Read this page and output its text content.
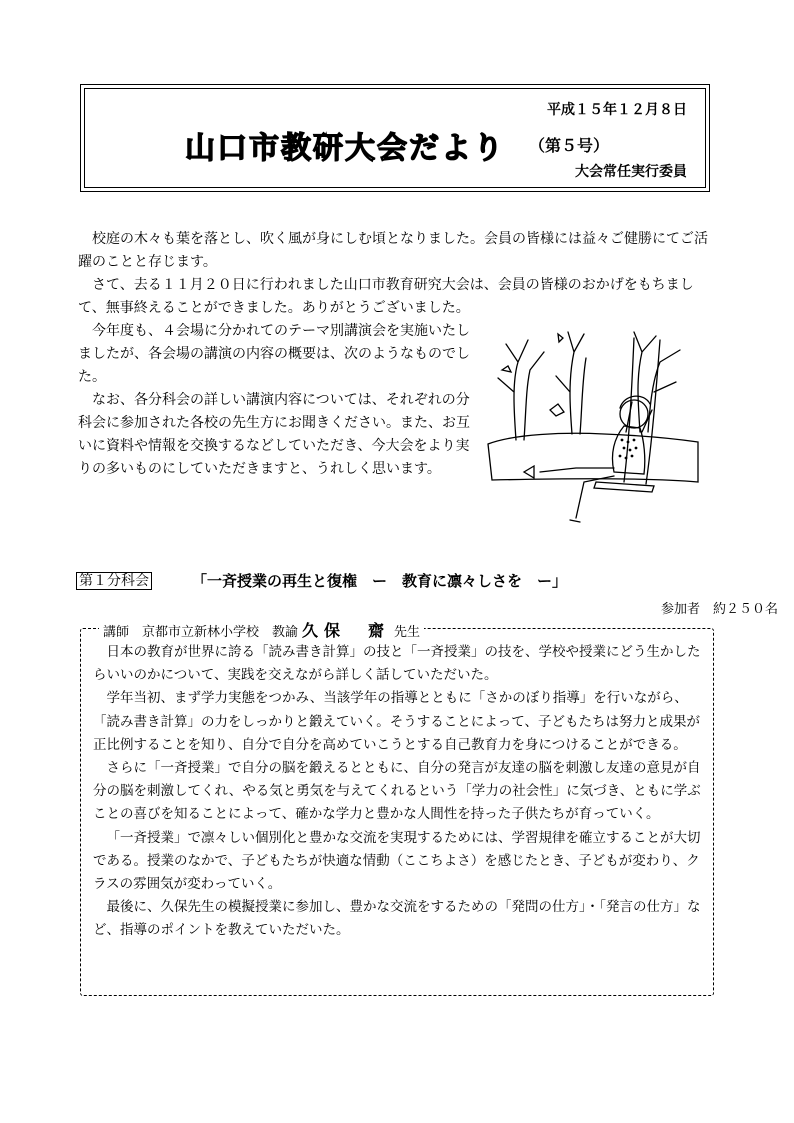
平成１５年１２月８日
山口市教研大会だより （第５号）
大会常任実行委員

校庭の木々も葉を落とし、吹く風が身にしむ頃となりました。会員の皆様には益々ご健勝にてご活躍のことと存じます。

さて、去る１１月２０日に行われました山口市教育研究大会は、会員の皆様のおかげをもちまして、無事終えることができました。ありがとうございました。

今年度も、４会場に分かれてのテーマ別講演会を実施いたしましたが、各会場の講演の内容の概要は、次のようなものでした。

なお、各分科会の詳しい講演内容については、それぞれの分科会に参加された各校の先生方にお聞きください。また、お互いに資料や情報を交換するなどしていただき、今大会をより実りの多いものにしていただきますと、うれしく思います。

第１分科会	「一斉授業の再生と復権　ー　教育に凛々しさを　ー」
参加者　約２５０名
講師　京都市立新林小学校　教諭 久保　齋 先生

日本の教育が世界に誇る「読み書き計算」の技と「一斉授業」の技を、学校や授業にどう生かしたらいいのかについて、実践を交えながら詳しく話していただいた。

学年当初、まず学力実態をつかみ、当該学年の指導とともに「さかのぼり指導」を行いながら、「読み書き計算」の力をしっかりと鍛えていく。そうすることによって、子どもたちは努力と成果が正比例することを知り、自分で自分を高めていこうとする自己教育力を身につけることができる。

さらに「一斉授業」で自分の脳を鍛えるとともに、自分の発言が友達の脳を刺激し友達の意見が自分の脳を刺激してくれ、やる気と勇気を与えてくれるという「学力の社会性」に気づき、ともに学ぶことの喜びを知ることによって、確かな学力と豊かな人間性を持った子供たちが育っていく。

「一斉授業」で凛々しい個別化と豊かな交流を実現するためには、学習規律を確立することが大切である。授業のなかで、子どもたちが快適な情動（ここちよさ）を感じたとき、子どもが変わり、クラスの雰囲気が変わっていく。

最後に、久保先生の模擬授業に参加し、豊かな交流をするための「発問の仕方」・「発言の仕方」など、指導のポイントを教えていただいた。
